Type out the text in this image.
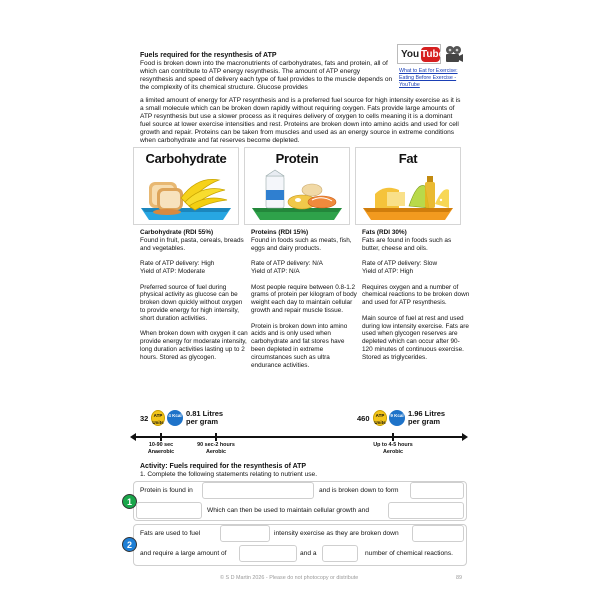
Fuels required for the resynthesis of ATP
Food is broken down into the macronutrients of carbohydrates, fats and protein, all of which can contribute to ATP energy resynthesis. The amount of ATP energy resynthesis and speed of delivery each type of fuel provides to the muscle depends on the complexity of its chemical structure. Glucose provides
a limited amount of energy for ATP resynthesis and is a preferred fuel source for high intensity exercise as it is a small molecule which can be broken down rapidly without requiring oxygen. Fats provide large amounts of ATP resynthesis but use a slower process as it requires delivery of oxygen to cells meaning it is a dominant fuel source at lower exercise intensities and rest. Proteins are broken down into amino acids and used for cell growth and repair. Proteins can be taken from muscles and used as an energy source in extreme conditions when carbohydrate and fat reserves become depleted.
You Tube
What to Eat for Exercise: Eating Before Exercise - YouTube
Carbohydrate	Protein	Fat
Carbohydrate (RDI 55%)

Found in fruit, pasta, cereals, breads and vegetables.

Rate of ATP delivery: High

Yield of ATP: Moderate

Preferred source of fuel during physical activity as glucose can be broken down quickly without oxygen to provide energy for high intensity, short duration activities.

When broken down with oxygen it can provide energy for moderate intensity, long duration activities lasting up to 2 hours. Stored as glycogen.

Proteins (RDI 15%)

Found in foods such as meats, fish, eggs and dairy products.

Rate of ATP delivery: N/A

Yield of ATP: N/A

Most people require between 0.8-1.2 grams of protein per kilogram of body weight each day to maintain cellular growth and repair muscle tissue.

Protein is broken down into amino acids and is only used when carbohydrate and fat stores have been depleted in extreme circumstances such as ultra endurance activities.

Fats (RDI 30%)

Fats are found in foods such as butter, cheese and oils.

Rate of ATP delivery: Slow

Yield of ATP: High

Requires oxygen and a number of chemical reactions to be broken down and used for ATP resynthesis.

Main source of fuel at rest and used during low intensity exercise. Fats are used when glycogen reserves are depleted which can occur after 90-120 minutes of continuous exercise. Stored as triglycerides.

32	ATP Units
4 Kcal 0.81 Litres per gram	460	ATP Units
9 Kcal 1.96 Litres per gram
10-90 sec
Anaerobic
90 sec-2 hours
Aerobic
Up to 4-5 hours
Aerobic
Activity: Fuels required for the resynthesis of ATP
1. Complete the following statements relating to nutrient use.
1
Protein is found in	and is broken down to form
Which can then be used to maintain cellular growth and
2
Fats are used to fuel	intensity exercise as they are broken down
and require a large amount of	and a	number of chemical reactions.
© S D Martin 2026 - Please do not photocopy or distribute	89
